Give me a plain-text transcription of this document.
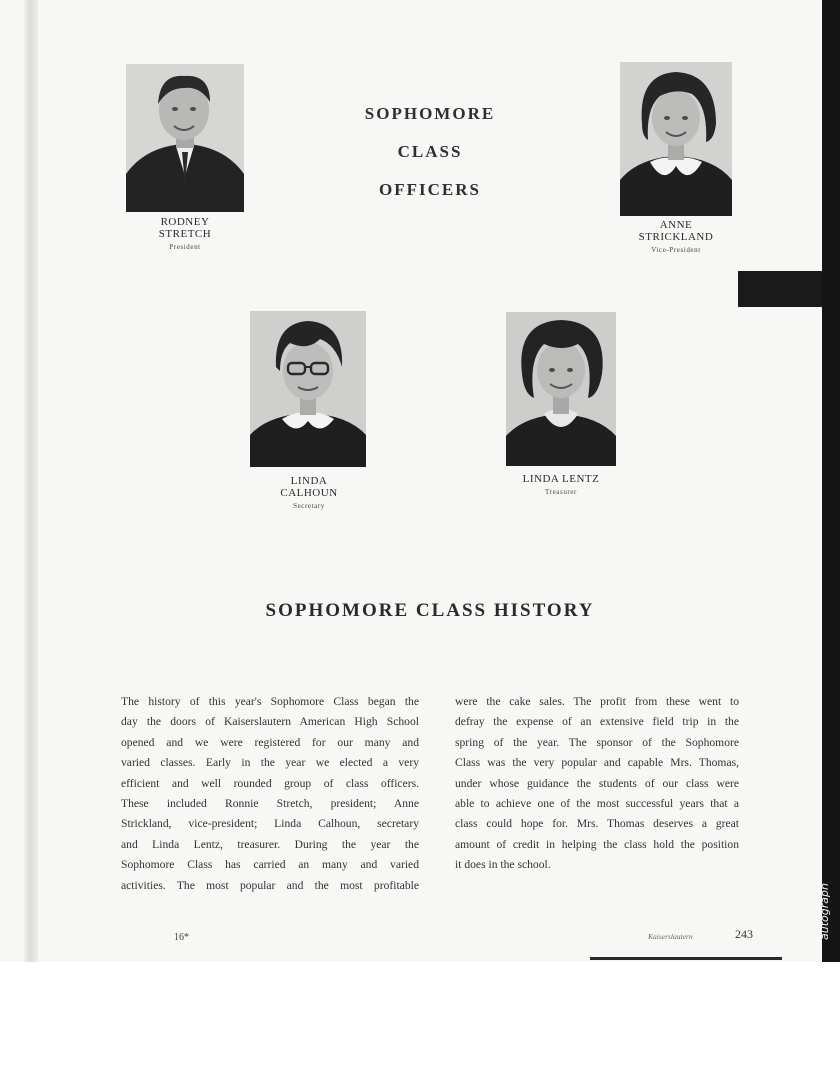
autograph
RODNEY
STRETCH
President
SOPHOMORE
CLASS
OFFICERS
ANNE
STRICKLAND
Vice-President
LINDA
CALHOUN
Secretary
LINDA LENTZ
Treasurer
SOPHOMORE CLASS HISTORY
The history of this year's Sophomore Class began the
day the doors of Kaiserslautern American High School
opened and we were registered for our many and
varied classes. Early in the year we elected a very
efficient and well rounded group of class officers.
These included Ronnie Stretch, president; Anne
Strickland, vice-president; Linda Calhoun, secretary
and Linda Lentz, treasurer. During the year the
Sophomore Class has carried an many and varied
activities. The most popular and the most profitable
were the cake sales. The profit from these went to
defray the expense of an extensive field trip in the
spring of the year. The sponsor of the Sophomore
Class was the very popular and capable Mrs. Thomas,
under whose guidance the students of our class were
able to achieve one of the most successful years that a
class could hope for. Mrs. Thomas deserves a great
amount of credit in helping the class hold the position
it does in the school.
16*	Kaiserslautern	243
